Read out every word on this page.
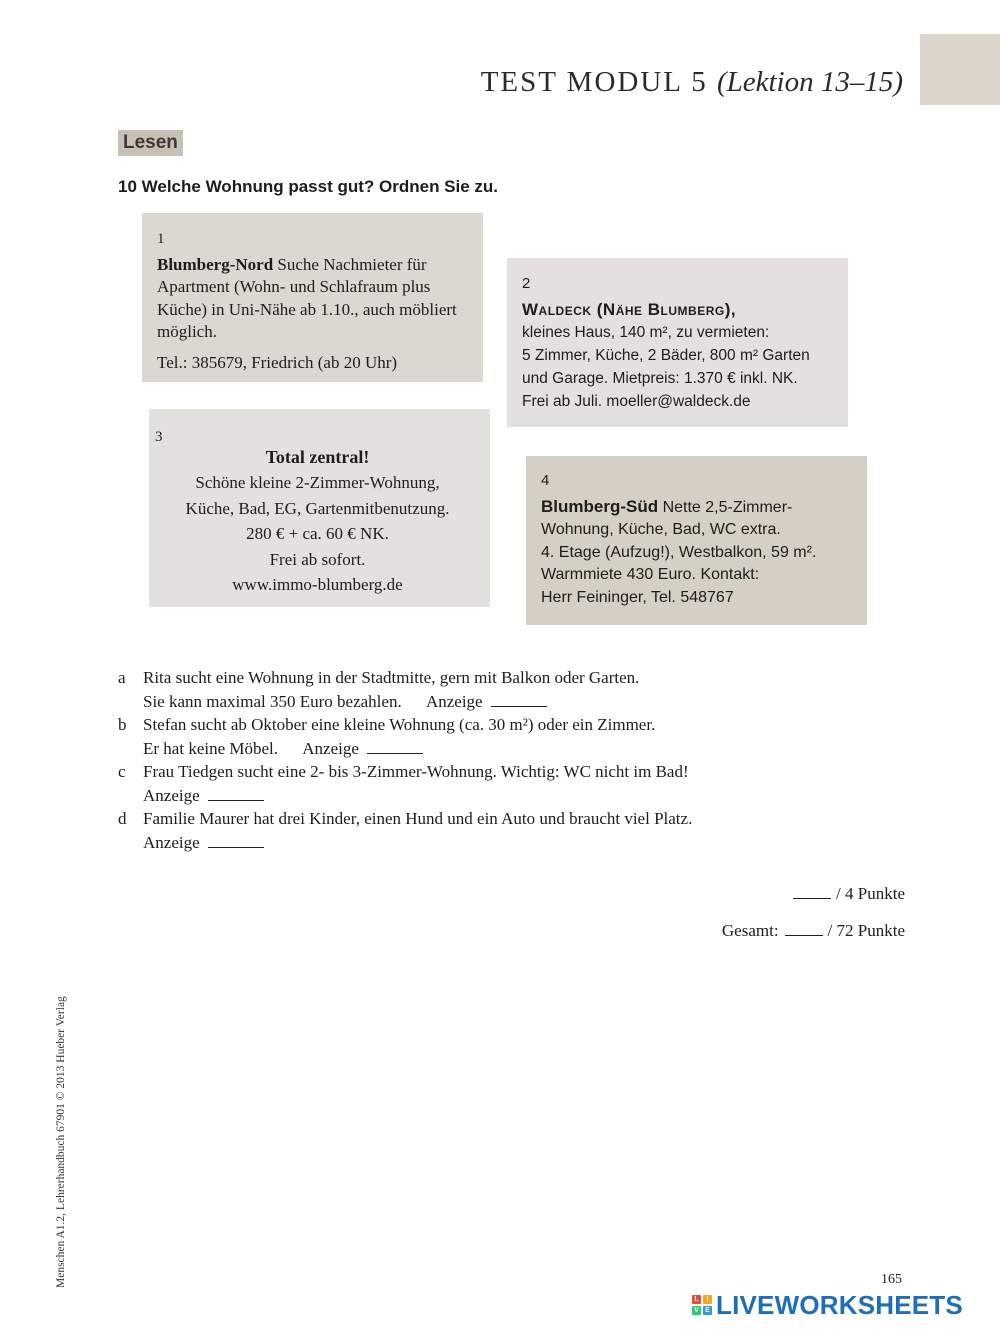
TEST MODUL 5 (Lektion 13–15)
Lesen
10 Welche Wohnung passt gut? Ordnen Sie zu.
1
Blumberg-Nord Suche Nachmieter für Apartment (Wohn- und Schlafraum plus Küche) in Uni-Nähe ab 1.10., auch möbliert möglich.
Tel.: 385679, Friedrich (ab 20 Uhr)
2
Waldeck (Nähe Blumberg),
kleines Haus, 140 m², zu vermieten:
5 Zimmer, Küche, 2 Bäder, 800 m² Garten
und Garage. Mietpreis: 1.370 € inkl. NK.
Frei ab Juli. moeller@waldeck.de
3
Total zentral!
Schöne kleine 2-Zimmer-Wohnung,
Küche, Bad, EG, Gartenmitbenutzung.
280 € + ca. 60 € NK.
Frei ab sofort.
www.immo-blumberg.de
4
Blumberg-Süd Nette 2,5-Zimmer-
Wohnung, Küche, Bad, WC extra.
4. Etage (Aufzug!), Westbalkon, 59 m².
Warmmiete 430 Euro. Kontakt:
Herr Feininger, Tel. 548767
a Rita sucht eine Wohnung in der Stadtmitte, gern mit Balkon oder Garten.
Sie kann maximal 350 Euro bezahlen. Anzeige
b Stefan sucht ab Oktober eine kleine Wohnung (ca. 30 m²) oder ein Zimmer.
Er hat keine Möbel. Anzeige
c Frau Tiedgen sucht eine 2- bis 3-Zimmer-Wohnung. Wichtig: WC nicht im Bad!
Anzeige
d Familie Maurer hat drei Kinder, einen Hund und ein Auto und braucht viel Platz.
Anzeige
/ 4 Punkte
Gesamt:	/ 72 Punkte
Menschen A1.2, Lehrerhandbuch 67901 © 2013 Hueber Verlag	165
L	I
V E LIVEWORKSHEETS
